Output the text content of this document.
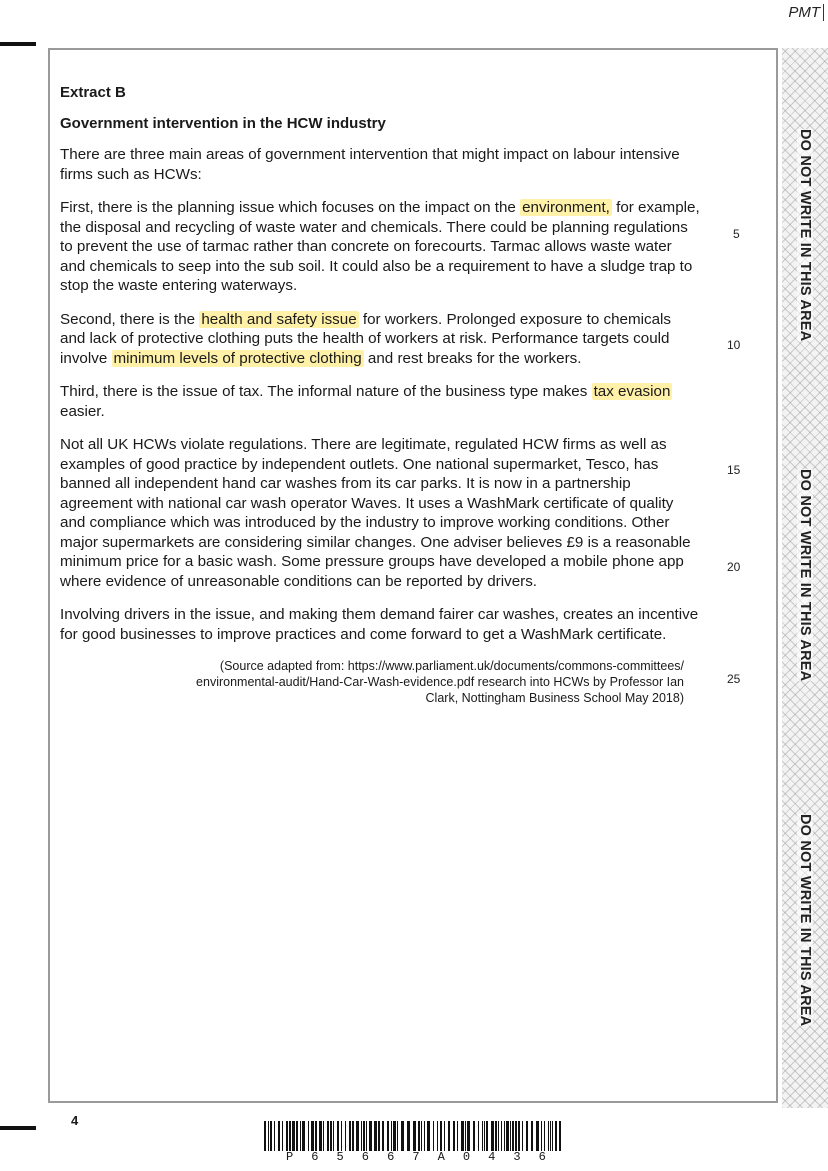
PMT

Extract B

Government intervention in the HCW industry

There are three main areas of government intervention that might impact on labour intensive firms such as HCWs:

First, there is the planning issue which focuses on the impact on the environment, for example, the disposal and recycling of waste water and chemicals. There could be planning regulations to prevent the use of tarmac rather than concrete on forecourts. Tarmac allows waste water and chemicals to seep into the sub soil. It could also be a requirement to have a sludge trap to stop the waste entering waterways.

Second, there is the health and safety issue for workers. Prolonged exposure to chemicals and lack of protective clothing puts the health of workers at risk. Performance targets could involve minimum levels of protective clothing and rest breaks for the workers.

Third, there is the issue of tax. The informal nature of the business type makes tax evasion easier.

Not all UK HCWs violate regulations. There are legitimate, regulated HCW firms as well as examples of good practice by independent outlets. One national supermarket, Tesco, has banned all independent hand car washes from its car parks. It is now in a partnership agreement with national car wash operator Waves. It uses a WashMark certificate of quality and compliance which was introduced by the industry to improve working conditions. Other major supermarkets are considering similar changes. One adviser believes £9 is a reasonable minimum price for a basic wash. Some pressure groups have developed a mobile phone app where evidence of unreasonable conditions can be reported by drivers.

Involving drivers in the issue, and making them demand fairer car washes, creates an incentive for good businesses to improve practices and come forward to get a WashMark certificate.

(Source adapted from: https://www.parliament.uk/documents/commons-committees/
environmental-audit/Hand-Car-Wash-evidence.pdf research into HCWs by Professor Ian
Clark, Nottingham Business School May 2018)
5
10
15
20
25
DO NOT WRITE IN THIS AREA
DO NOT WRITE IN THIS AREA
DO NOT WRITE IN THIS AREA
4
P 6 5 6 6 7 A 0 4 3 6
